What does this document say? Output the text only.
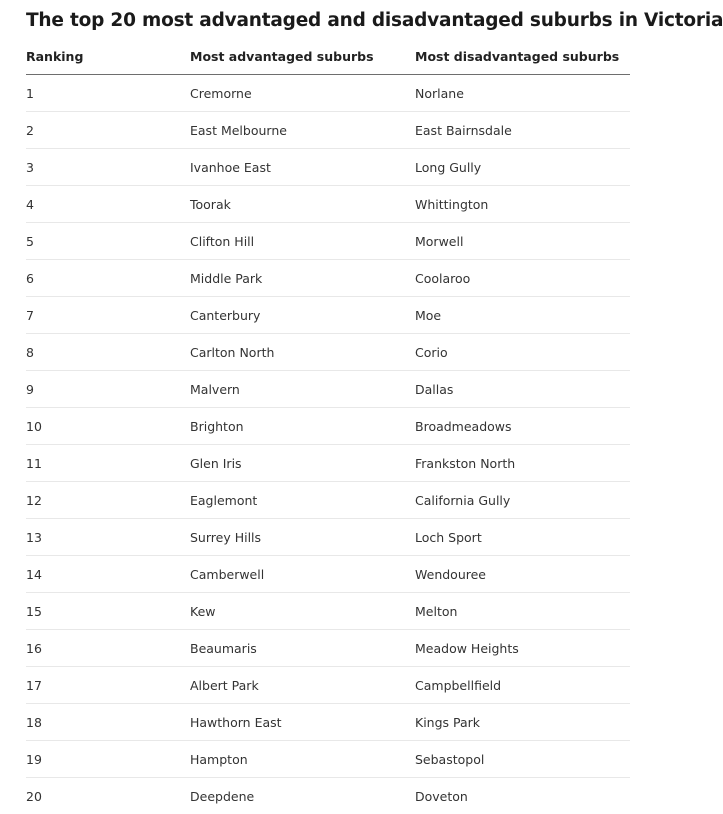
The top 20 most advantaged and disadvantaged suburbs in Victoria
Ranking	Most advantaged suburbs	Most disadvantaged suburbs
1	Cremorne	Norlane
2	East Melbourne	East Bairnsdale
3	Ivanhoe East	Long Gully
4	Toorak	Whittington
5	Clifton Hill	Morwell
6	Middle Park	Coolaroo
7	Canterbury	Moe
8	Carlton North	Corio
9	Malvern	Dallas
10	Brighton	Broadmeadows
11	Glen Iris	Frankston North
12	Eaglemont	California Gully
13	Surrey Hills	Loch Sport
14	Camberwell	Wendouree
15	Kew	Melton
16	Beaumaris	Meadow Heights
17	Albert Park	Campbellfield
18	Hawthorn East	Kings Park
19	Hampton	Sebastopol
20	Deepdene	Doveton
